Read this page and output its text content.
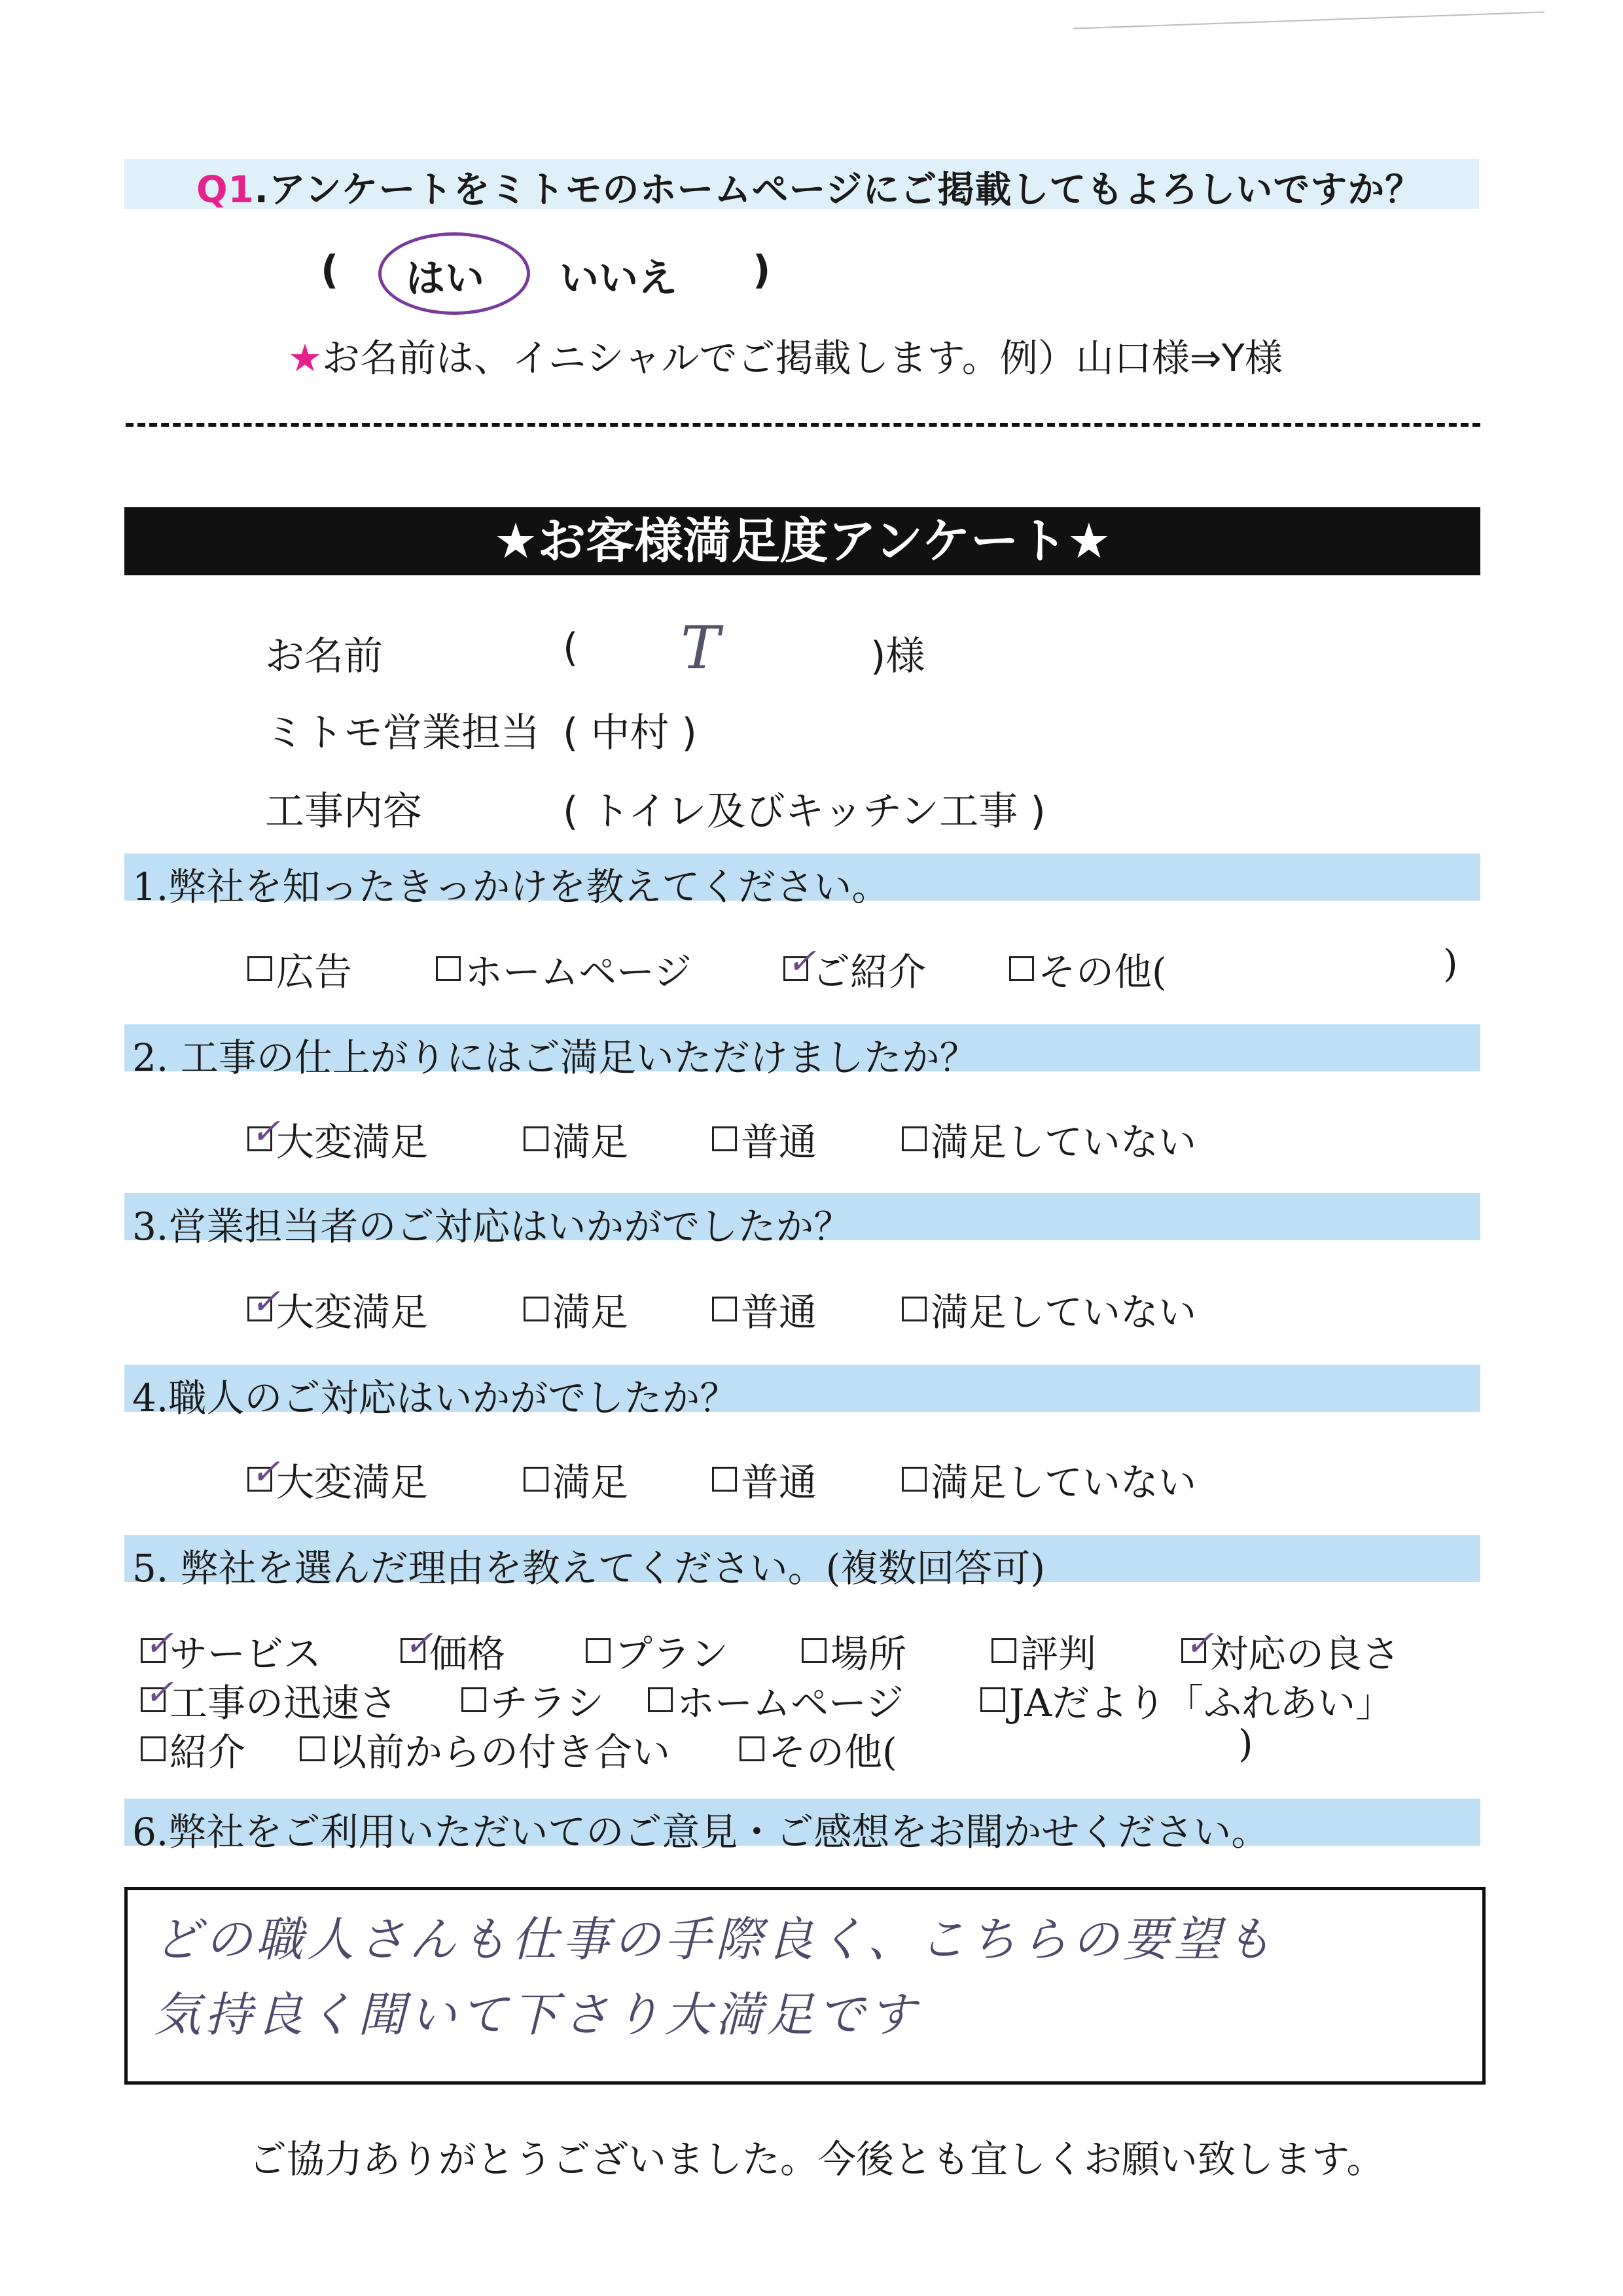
Q1.アンケートをミトモのホームページにご掲載してもよろしいですか？
( はい いいえ )
★お名前は、イニシャルでご掲載します。例）山口様⇒Y様
★お客様満足度アンケート★
お名前	( T	)様
ミトモ営業担当 ( 中村 )
工事内容	( トイレ及びキッチン工事 )
1.弊社を知ったきっかけを教えてください。
広告	ホームページ	✓
ご紹介	その他(	)
2. 工事の仕上がりにはご満足いただけましたか？
✓
大変満足	満足	普通	満足していない
3.営業担当者のご対応はいかがでしたか？
✓
大変満足	満足	普通	満足していない
4.職人のご対応はいかがでしたか？
✓
大変満足	満足	普通	満足していない
5. 弊社を選んだ理由を教えてください。(複数回答可)
✓
サービス ✓
価格	プラン	場所	評判 ✓
対応の良さ
✓
工事の迅速さ チラシ ホームページ	JAだより「ふれあい」
紹介 以前からの付き合い	その他(	)
6.弊社をご利用いただいてのご意見・ご感想をお聞かせください。
どの職人さんも仕事の手際良く、こちらの要望も
気持良く聞いて下さり大満足です
ご協力ありがとうございました。今後とも宜しくお願い致します。
